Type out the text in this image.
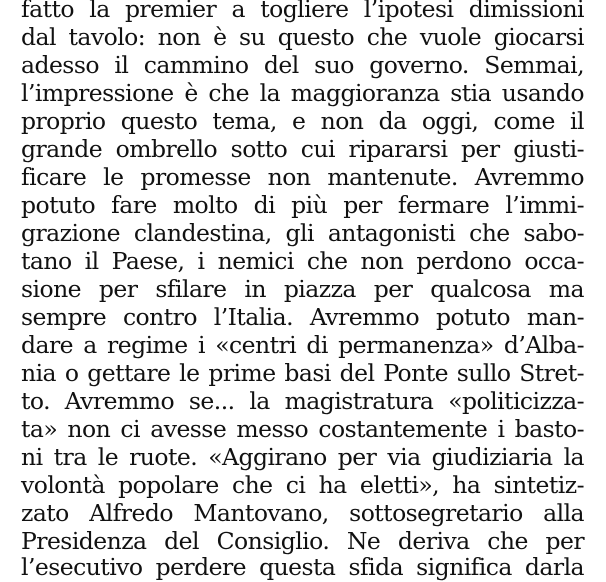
fatto la premier a togliere l’ipotesi dimissioni
dal tavolo: non è su questo che vuole giocarsi
adesso il cammino del suo governo. Semmai,
l’impressione è che la maggioranza stia usando
proprio questo tema, e non da oggi, come il
grande ombrello sotto cui ripararsi per giusti-
ficare le promesse non mantenute. Avremmo
potuto fare molto di più per fermare l’immi-
grazione clandestina, gli antagonisti che sabo-
tano il Paese, i nemici che non perdono occa-
sione per sfilare in piazza per qualcosa ma
sempre contro l’Italia. Avremmo potuto man-
dare a regime i «centri di permanenza» d’Alba-
nia o gettare le prime basi del Ponte sullo Stret-
to. Avremmo se... la magistratura «politicizza-
ta» non ci avesse messo costantemente i basto-
ni tra le ruote. «Aggirano per via giudiziaria la
volontà popolare che ci ha eletti», ha sintetiz-
zato Alfredo Mantovano, sottosegretario alla
Presidenza del Consiglio. Ne deriva che per
l’esecutivo perdere questa sfida significa darla
